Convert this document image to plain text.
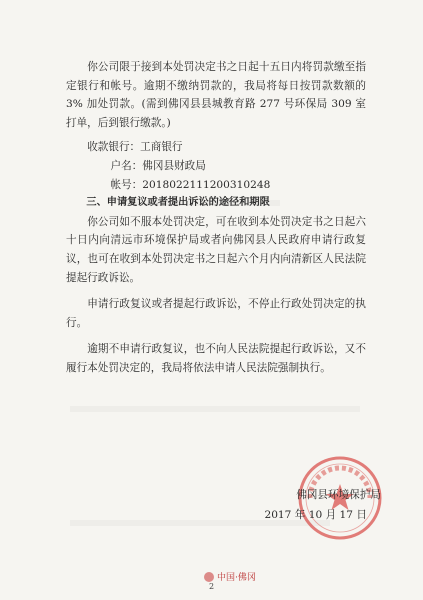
你公司限于接到本处罚决定书之日起十五日内将罚款缴至指定银行和帐号。逾期不缴纳罚款的，我局将每日按罚款数额的 3% 加处罚款。(需到佛冈县县城教育路 277 号环保局 309 室打单，后到银行缴款。)

收款银行：工商银行

户名：佛冈县财政局

帐号：2018022111200310248

三、申请复议或者提出诉讼的途径和期限

你公司如不服本处罚决定，可在收到本处罚决定书之日起六十日内向清远市环境保护局或者向佛冈县人民政府申请行政复议，也可在收到本处罚决定书之日起六个月内向清新区人民法院提起行政诉讼。

申请行政复议或者提起行政诉讼，不停止行政处罚决定的执行。

逾期不申请行政复议，也不向人民法院提起行政诉讼，又不履行本处罚决定的，我局将依法申请人民法院强制执行。

佛冈县环境保护局
2017 年 10 月 17 日
中国·佛冈
2
